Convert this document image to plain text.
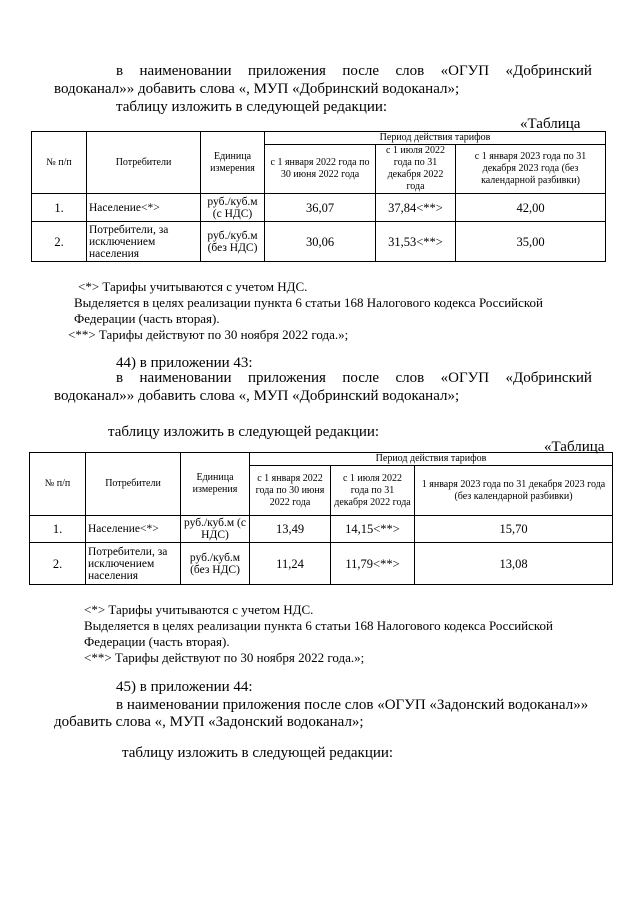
в наименовании приложения после слов «ОГУП «Добринский
водоканал»» добавить слова «, МУП «Добринский водоканал»;
таблицу изложить в следующей редакции:
«Таблица
№ п/п	Потребители	Единица измерения	Период действия тарифов		
			с 1 января 2022 года по 30 июня 2022 года	с 1 июля 2022 года по 31 декабря 2022 года	с 1 января 2023 года по 31 декабря 2023 года (без календарной разбивки)
1.	Население<*>	руб./куб.м (с НДС)	36,07	37,84<**>	42,00
2.	Потребители, за исключением населения	руб./куб.м (без НДС)	30,06	31,53<**>	35,00
<*> Тарифы учитываются с учетом НДС.
Выделяется в целях реализации пункта 6 статьи 168 Налогового кодекса Российской
Федерации (часть вторая).
<**> Тарифы действуют по 30 ноября 2022 года.»;
44) в приложении 43:
в наименовании приложения после слов «ОГУП «Добринский
водоканал»» добавить слова «, МУП «Добринский водоканал»;
таблицу изложить в следующей редакции:
«Таблица
№ п/п	Потребители	Единица измерения	Период действия тарифов		
			с 1 января 2022 года по 30 июня 2022 года	с 1 июля 2022 года по 31 декабря 2022 года	1 января 2023 года по 31 декабря 2023 года (без календарной разбивки)
1.	Население<*>	руб./куб.м (с НДС)	13,49	14,15<**>	15,70
2.	Потребители, за исключением населения	руб./куб.м (без НДС)	11,24	11,79<**>	13,08
<*> Тарифы учитываются с учетом НДС.
Выделяется в целях реализации пункта 6 статьи 168 Налогового кодекса Российской
Федерации (часть вторая).
<**> Тарифы действуют по 30 ноября 2022 года.»;
45) в приложении 44:
в наименовании приложения после слов «ОГУП «Задонский водоканал»»
добавить слова «, МУП «Задонский водоканал»;
таблицу изложить в следующей редакции:
